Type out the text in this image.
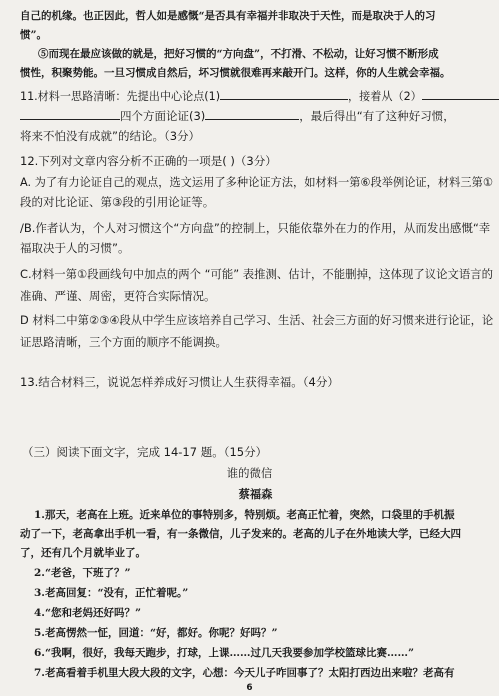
自己的机缘。也正因此，哲人如是感慨“是否具有幸福并非取决于天性，而是取决于人的习
惯”。
⑤而现在最应该做的就是，把好习惯的“方向盘”，不打滑、不松动，让好习惯不断形成
惯性，积聚势能。一旦习惯成自然后，坏习惯就很难再来敲开门。这样，你的人生就会幸福。
11.材料一思路清晰：先提出中心论点(1)	，接着从（2）
四个方面论证(3)	，最后得出“有了这种好习惯，
将来不怕没有成就”的结论。（3分）
12.下列对文章内容分析不正确的一项是( )（3分）
A. 为了有力论证自己的观点，选文运用了多种论证方法，如材料一第⑥段举例论证，材料三第①
段的对比论证、第③段的引用论证等。
/B.作者认为，个人对习惯这个“方向盘”的控制上，只能依靠外在力的作用，从而发出感慨“幸
福取决于人的习惯”。
C.材料一第①段画线句中加点的两个 “可能” 表推测、估计，不能删掉，这体现了议论文语言的
准确、严谨、周密，更符合实际情况。
D 材料二中第②③④段从中学生应该培养自己学习、生活、社会三方面的好习惯来进行论证，论
证思路清晰，三个方面的顺序不能调换。
13.结合材料三，说说怎样养成好习惯让人生获得幸福。（4分）
（三）阅读下面文字，完成 14-17 题。（15分）
谁的微信
蔡福森
1.那天，老高在上班。近来单位的事特别多，特别烦。老高正忙着，突然，口袋里的手机振
动了一下，老高拿出手机一看，有一条微信，儿子发来的。老高的儿子在外地读大学，已经大四
了，还有几个月就毕业了。
2.“老爸，下班了？”
3.老高回复：“没有，正忙着呢。”
4.“您和老妈还好吗？”
5.老高愣然一怔，回道：“好，都好。你呢？好吗？”
6.“我啊，很好，我每天跑步，打球，上课……过几天我要参加学校篮球比赛……”
7.老高看着手机里大段大段的文字，心想：今天儿子咋回事了？太阳打西边出来啦？老高有
6
